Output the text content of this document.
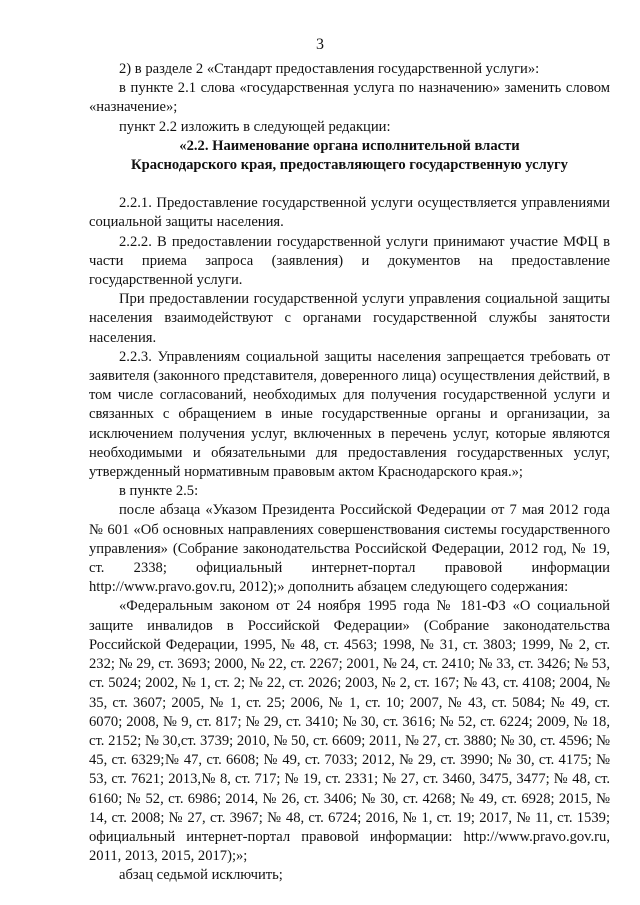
3

2) в разделе 2 «Стандарт предоставления государственной услуги»:

в пункте 2.1 слова «государственная услуга по назначению» заменить словом «назначение»;

пункт 2.2 изложить в следующей редакции:

«2.2. Наименование органа исполнительной власти

Краснодарского края, предоставляющего государственную услугу

2.2.1. Предоставление государственной услуги осуществляется управлениями социальной защиты населения.

2.2.2. В предоставлении государственной услуги принимают участие МФЦ в части приема запроса (заявления) и документов на предоставление государственной услуги.

При предоставлении государственной услуги управления социальной защиты населения взаимодействуют с органами государственной службы занятости населения.

2.2.3. Управлениям социальной защиты населения запрещается требовать от заявителя (законного представителя, доверенного лица) осуществления действий, в том числе согласований, необходимых для получения государственной услуги и связанных с обращением в иные государственные органы и организации, за исключением получения услуг, включенных в перечень услуг, которые являются необходимыми и обязательными для предоставления государственных услуг, утвержденный нормативным правовым актом Краснодарского края.»;

в пункте 2.5:

после абзаца «Указом Президента Российской Федерации от 7 мая 2012 года № 601 «Об основных направлениях совершенствования системы государственного управления» (Собрание законодательства Российской Федерации, 2012 год, № 19, ст. 2338; официальный интернет-портал правовой информации http://www.pravo.gov.ru, 2012);» дополнить абзацем следующего содержания:

«Федеральным законом от 24 ноября 1995 года № 181-ФЗ «О социальной защите инвалидов в Российской Федерации» (Собрание законодательства Российской Федерации, 1995, № 48, ст. 4563; 1998, № 31, ст. 3803; 1999, № 2, ст. 232; № 29, ст. 3693; 2000, № 22, ст. 2267; 2001, № 24, ст. 2410; № 33, ст. 3426; № 53, ст. 5024; 2002, № 1, ст. 2; № 22, ст. 2026; 2003, № 2, ст. 167; № 43, ст. 4108; 2004, № 35, ст. 3607; 2005, № 1, ст. 25; 2006, № 1, ст. 10; 2007, № 43, ст. 5084; № 49, ст. 6070; 2008, № 9, ст. 817; № 29, ст. 3410; № 30, ст. 3616; № 52, ст. 6224; 2009, № 18, ст. 2152; № 30,ст. 3739; 2010, № 50, ст. 6609; 2011, № 27, ст. 3880; № 30, ст. 4596; № 45, ст. 6329;№ 47, ст. 6608; № 49, ст. 7033; 2012, № 29, ст. 3990; № 30, ст. 4175; № 53, ст. 7621; 2013,№ 8, ст. 717; № 19, ст. 2331; № 27, ст. 3460, 3475, 3477; № 48, ст. 6160; № 52, ст. 6986; 2014, № 26, ст. 3406; № 30, ст. 4268; № 49, ст. 6928; 2015, № 14, ст. 2008; № 27, ст. 3967; № 48, ст. 6724; 2016, № 1, ст. 19; 2017, № 11, ст. 1539; официальный интернет-портал правовой информации: http://www.pravo.gov.ru, 2011, 2013, 2015, 2017);»;

абзац седьмой исключить;
